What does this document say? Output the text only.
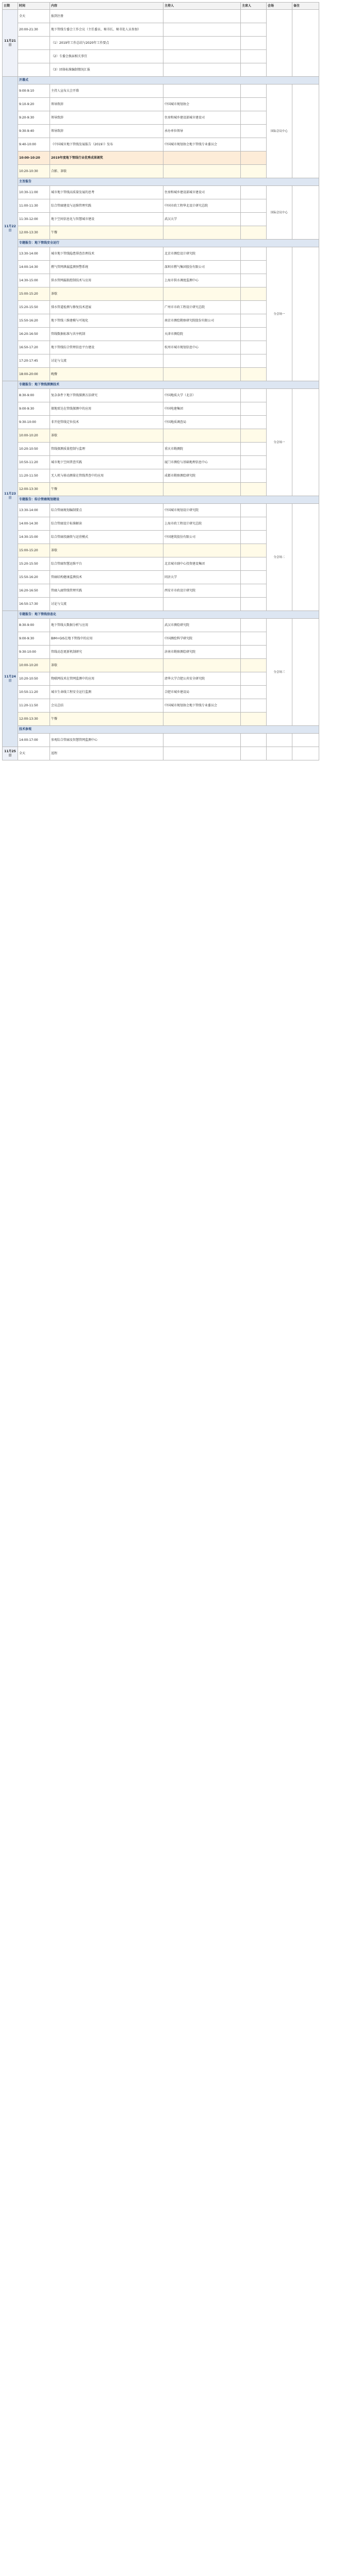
日期	时间	内容	主持人	主席人	会场	备注
11月21日	全天	报到注册				
	20:00-21:30	地下管线专委会工作会议（主任委员、秘书长、秘书处人员参加）				
		（1）2019年工作总结与2020年工作要点				
		（2）专委会换届相关事宜				
		（3）团体标准编制情况汇报				
11月22日	开幕式					
	9:00-9:10	主持人宣布大会开幕			国际会议中心	
	9:10-9:20	领导致辞	中国城市规划协会			
	9:20-9:30	领导致辞	住房和城乡建设部城市建设司			
	9:30-9:40	领导致辞	承办单位领导			
	9:40-10:00	《中国城市地下管线发展报告（2019）》发布	中国城市规划协会地下管线专业委员会			
	10:00-10:20	2019年度地下管线行业优秀成果颁奖				
	10:20-10:30	合影、茶歇				
	主旨报告					
	10:30-11:00	城市地下管线高质量发展的思考	住房和城乡建设部城市建设司		国际会议中心	
	11:00-11:30	综合管廊建设与运维管理实践	中国市政工程华北设计研究总院			
	11:30-12:00	地下空间信息化与智慧城市建设	武汉大学			
	12:00-13:30	午餐				
	专题报告：地下管线安全运行					
	13:30-14:00	城市地下管线隐患排查治理技术	北京市测绘设计研究院		分会场一	
	14:00-14:30	燃气管网泄漏监测预警系统	深圳市燃气集团股份有限公司			
	14:30-15:00	供水管网漏损控制技术与应用	上海市供水调度监测中心			
	15:00-15:20	茶歇				
	15:20-15:50	排水管道检测与修复技术进展	广州市市政工程设计研究总院			
	15:50-16:20	地下管线三维建模与可视化	南京市测绘勘察研究院股份有限公司			
	16:20-16:50	管线数据标准与共享机制	天津市测绘院			
	16:50-17:20	地下管线综合管理信息平台建设	杭州市城市规划信息中心			
	17:20-17:45	讨论与交流				
	18:00-20:00	晚餐				
11月23日	专题报告：地下管线探测技术					
	8:30-9:00	复杂条件下地下管线探测方法研究	中国地质大学（北京）		分会场一	
	9:00-9:30	探地雷达在管线探测中的应用	中国电建集团			
	9:30-10:00	非开挖管线定位技术	中国地质调查局			
	10:00-10:20	茶歇				
	10:20-10:50	管线探测质量控制与监理	重庆市勘测院			
	10:50-11:20	城市地下空间普查实践	厦门市测绘与基础地理信息中心			
	11:20-11:50	无人机与移动测量在管线普查中的应用	成都市勘察测绘研究院			
	12:00-13:30	午餐				
	专题报告：综合管廊规划建设					
	13:30-14:00	综合管廊规划编制要点	中国城市规划设计研究院		分会场二	
	14:00-14:30	综合管廊设计标准解读	上海市政工程设计研究总院			
	14:30-15:00	综合管廊投融资与运营模式	中国建筑股份有限公司			
	15:00-15:20	茶歇				
	15:20-15:50	综合管廊智慧运维平台	北京城市副中心投资建设集团			
	15:50-16:20	管廊结构健康监测技术	同济大学			
	16:20-16:50	管廊入廊管线管理实践	西安市市政设计研究院			
	16:50-17:30	讨论与交流				
11月24日	专题报告：地下管线信息化					
	8:30-9:00	地下管线大数据分析与应用	武汉市测绘研究院		分会场三	
	9:00-9:30	BIM+GIS在地下管线中的应用	中国测绘科学研究院			
	9:30-10:00	管线动态更新机制研究	济南市勘察测绘研究院			
	10:00-10:20	茶歇				
	10:20-10:50	物联网技术在管网监测中的应用	清华大学合肥公共安全研究院			
	10:50-11:20	城市生命线工程安全运行监测	合肥市城乡建设局			
	11:20-11:50	会议总结	中国城市规划协会地下管线专业委员会			
	12:00-13:30	午餐				
	技术参观					
	14:00-17:00	参观综合管廊及智慧管网监测中心				
11月25日	全天	返程				
